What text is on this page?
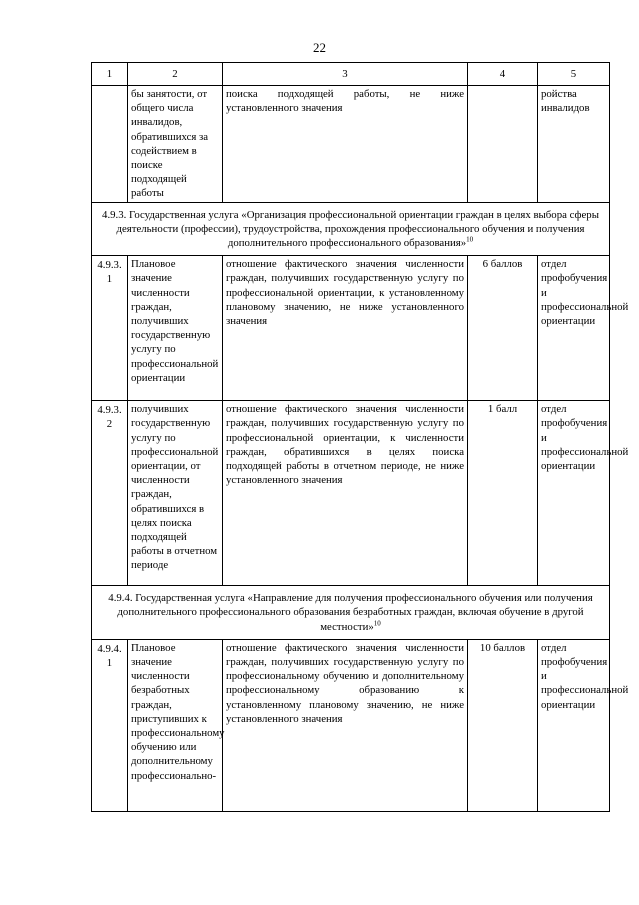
22
1	2	3	4	5
	бы занятости, от общего числа инвалидов, обратившихся за содействием в поиске подходящей работы	поиска подходящей работы, не ниже установленного значения		ройства инвалидов
4.9.3. Государственная услуга «Организация профессиональной ориентации граждан в целях выбора сферы деятельности (профессии), трудоустройства, прохождения профессионального обучения и получения дополнительного профессионального образования»$^{10}$
4.9.3. 1	Плановое значение численности граждан, получивших государственную услугу по профессиональной ориентации	отношение фактического значения численности граждан, получивших государственную услугу по профессиональной ориентации, к установленному плановому значению, не ниже установленного значения	6 баллов	отдел профобучения и профессиональной ориентации
4.9.3. 2	получивших государственную услугу по профессиональной ориентации, от численности граждан, обратившихся в целях поиска подходящей работы в отчетном периоде	отношение фактического значения численности граждан, получивших государственную услугу по профессиональной ориентации, к численности граждан, обратившихся в целях поиска подходящей работы в отчетном периоде, не ниже установленного значения	1 балл	отдел профобучения и профессиональной ориентации
4.9.4. Государственная услуга «Направление для получения профессионального обучения или получения дополнительного профессионального образования безработных граждан, включая обучение в другой местности»$^{10}$
4.9.4. 1	Плановое значение численности безработных граждан, приступивших к профессиональному обучению или дополнительному профессионально-	отношение фактического значения численности граждан, получивших государственную услугу по профессиональному обучению и дополнительному профессиональному образованию к установленному плановому значению, не ниже установленного значения	10 баллов	отдел профобучения и профессиональной ориентации
